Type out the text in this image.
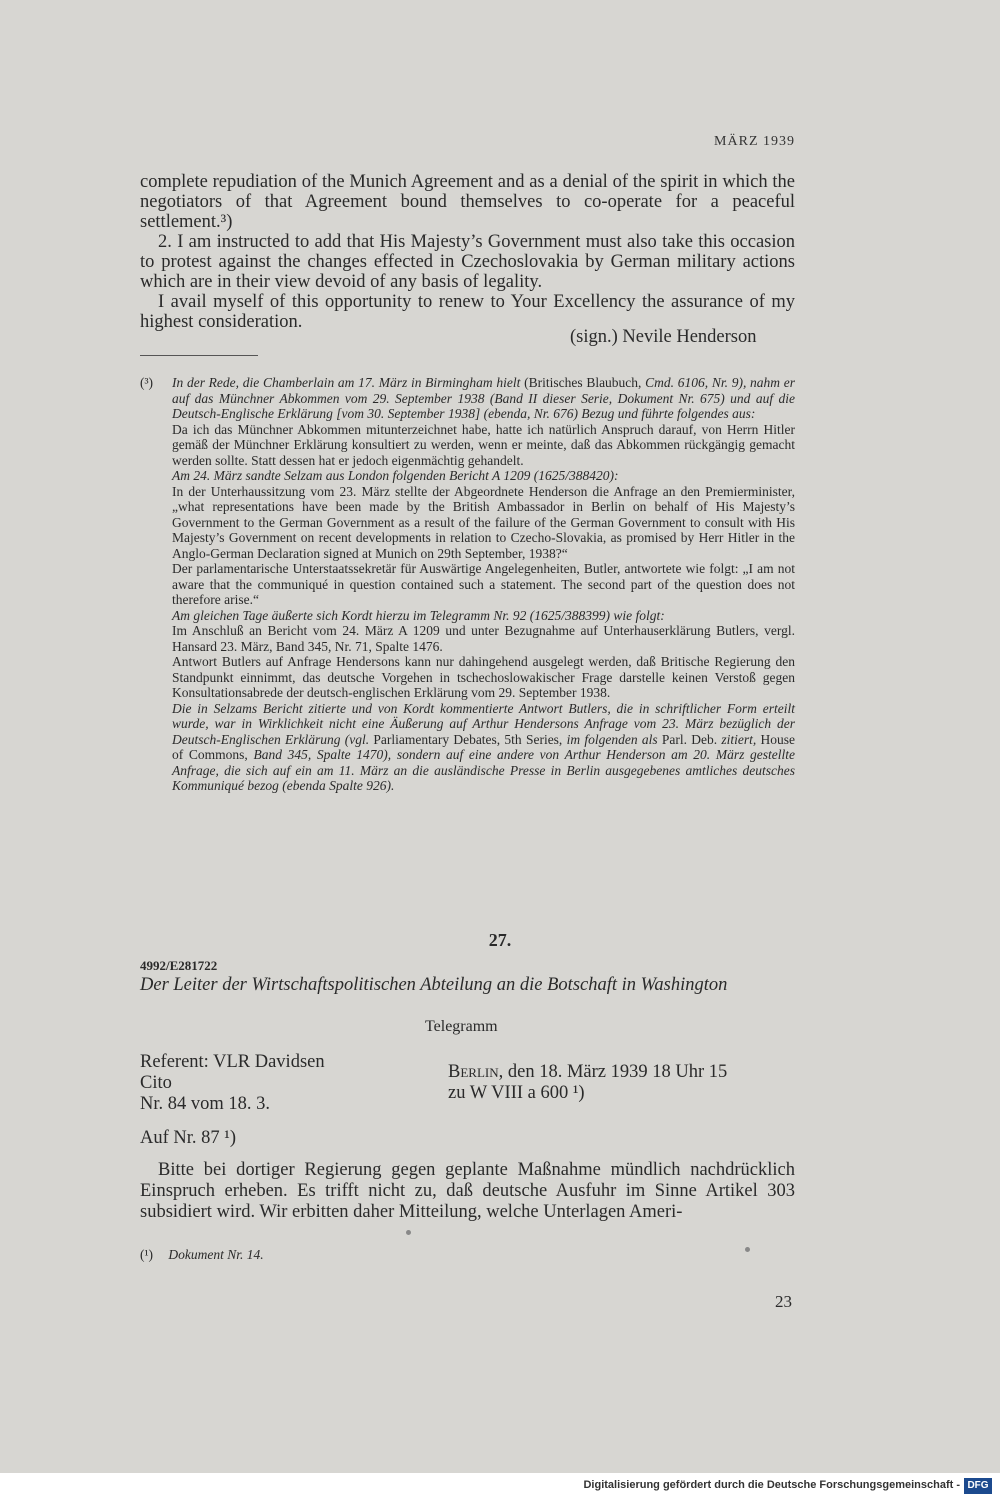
MÄRZ 1939

complete repudiation of the Munich Agreement and as a denial of the spirit in which the negotiators of that Agreement bound themselves to co-operate for a peaceful settlement.³)

2. I am instructed to add that His Majesty’s Government must also take this occasion to protest against the changes effected in Czechoslovakia by German military actions which are in their view devoid of any basis of legality.

I avail myself of this opportunity to renew to Your Excellency the assurance of my highest consideration.

(sign.) Nevile Henderson

(³) In der Rede, die Chamberlain am 17. März in Birmingham hielt (Britisches Blaubuch, Cmd. 6106, Nr. 9), nahm er auf das Münchner Abkommen vom 29. September 1938 (Band II dieser Serie, Dokument Nr. 675) und auf die Deutsch-Englische Erklärung [vom 30. September 1938] (ebenda, Nr. 676) Bezug und führte folgendes aus:

Da ich das Münchner Abkommen mitunterzeichnet habe, hatte ich natürlich Anspruch darauf, von Herrn Hitler gemäß der Münchner Erklärung konsultiert zu werden, wenn er meinte, daß das Abkommen rückgängig gemacht werden sollte. Statt dessen hat er jedoch eigenmächtig gehandelt.

Am 24. März sandte Selzam aus London folgenden Bericht A 1209 (1625/388420):

In der Unterhaussitzung vom 23. März stellte der Abgeordnete Henderson die Anfrage an den Premierminister, „what representations have been made by the British Ambassador in Berlin on behalf of His Majesty’s Government to the German Government as a result of the failure of the German Government to consult with His Majesty’s Government on recent developments in relation to Czecho-Slovakia, as promised by Herr Hitler in the Anglo-German Declaration signed at Munich on 29th September, 1938?“

Der parlamentarische Unterstaatssekretär für Auswärtige Angelegenheiten, Butler, antwortete wie folgt: „I am not aware that the communiqué in question contained such a statement. The second part of the question does not therefore arise.“

Am gleichen Tage äußerte sich Kordt hierzu im Telegramm Nr. 92 (1625/388399) wie folgt:

Im Anschluß an Bericht vom 24. März A 1209 und unter Bezugnahme auf Unterhauserklärung Butlers, vergl. Hansard 23. März, Band 345, Nr. 71, Spalte 1476.

Antwort Butlers auf Anfrage Hendersons kann nur dahingehend ausgelegt werden, daß Britische Regierung den Standpunkt einnimmt, das deutsche Vorgehen in tschechoslowakischer Frage darstelle keinen Verstoß gegen Konsultationsabrede der deutsch-englischen Erklärung vom 29. September 1938.

Die in Selzams Bericht zitierte und von Kordt kommentierte Antwort Butlers, die in schriftlicher Form erteilt wurde, war in Wirklichkeit nicht eine Äußerung auf Arthur Hendersons Anfrage vom 23. März bezüglich der Deutsch-Englischen Erklärung (vgl. Parliamentary Debates, 5th Series, im folgenden als Parl. Deb. zitiert, House of Commons, Band 345, Spalte 1470), sondern auf eine andere von Arthur Henderson am 20. März gestellte Anfrage, die sich auf ein am 11. März an die ausländische Presse in Berlin ausgegebenes amtliches deutsches Kommuniqué bezog (ebenda Spalte 926).

27.
4992/E281722

Der Leiter der Wirtschaftspolitischen Abteilung an die Botschaft in Washington

Telegramm
Referent: VLR Davidsen
Cito
Nr. 84 vom 18. 3.
Berlin, den 18. März 1939 18 Uhr 15
zu W VIII a 600 ¹)
Auf Nr. 87 ¹)

Bitte bei dortiger Regierung gegen geplante Maßnahme mündlich nachdrücklich Einspruch erheben. Es trifft nicht zu, daß deutsche Ausfuhr im Sinne Artikel 303 subsidiert wird. Wir erbitten daher Mitteilung, welche Unterlagen Ameri-

(¹) Dokument Nr. 14.
23
Digitalisierung gefördert durch die Deutsche Forschungsgemeinschaft - DFG
